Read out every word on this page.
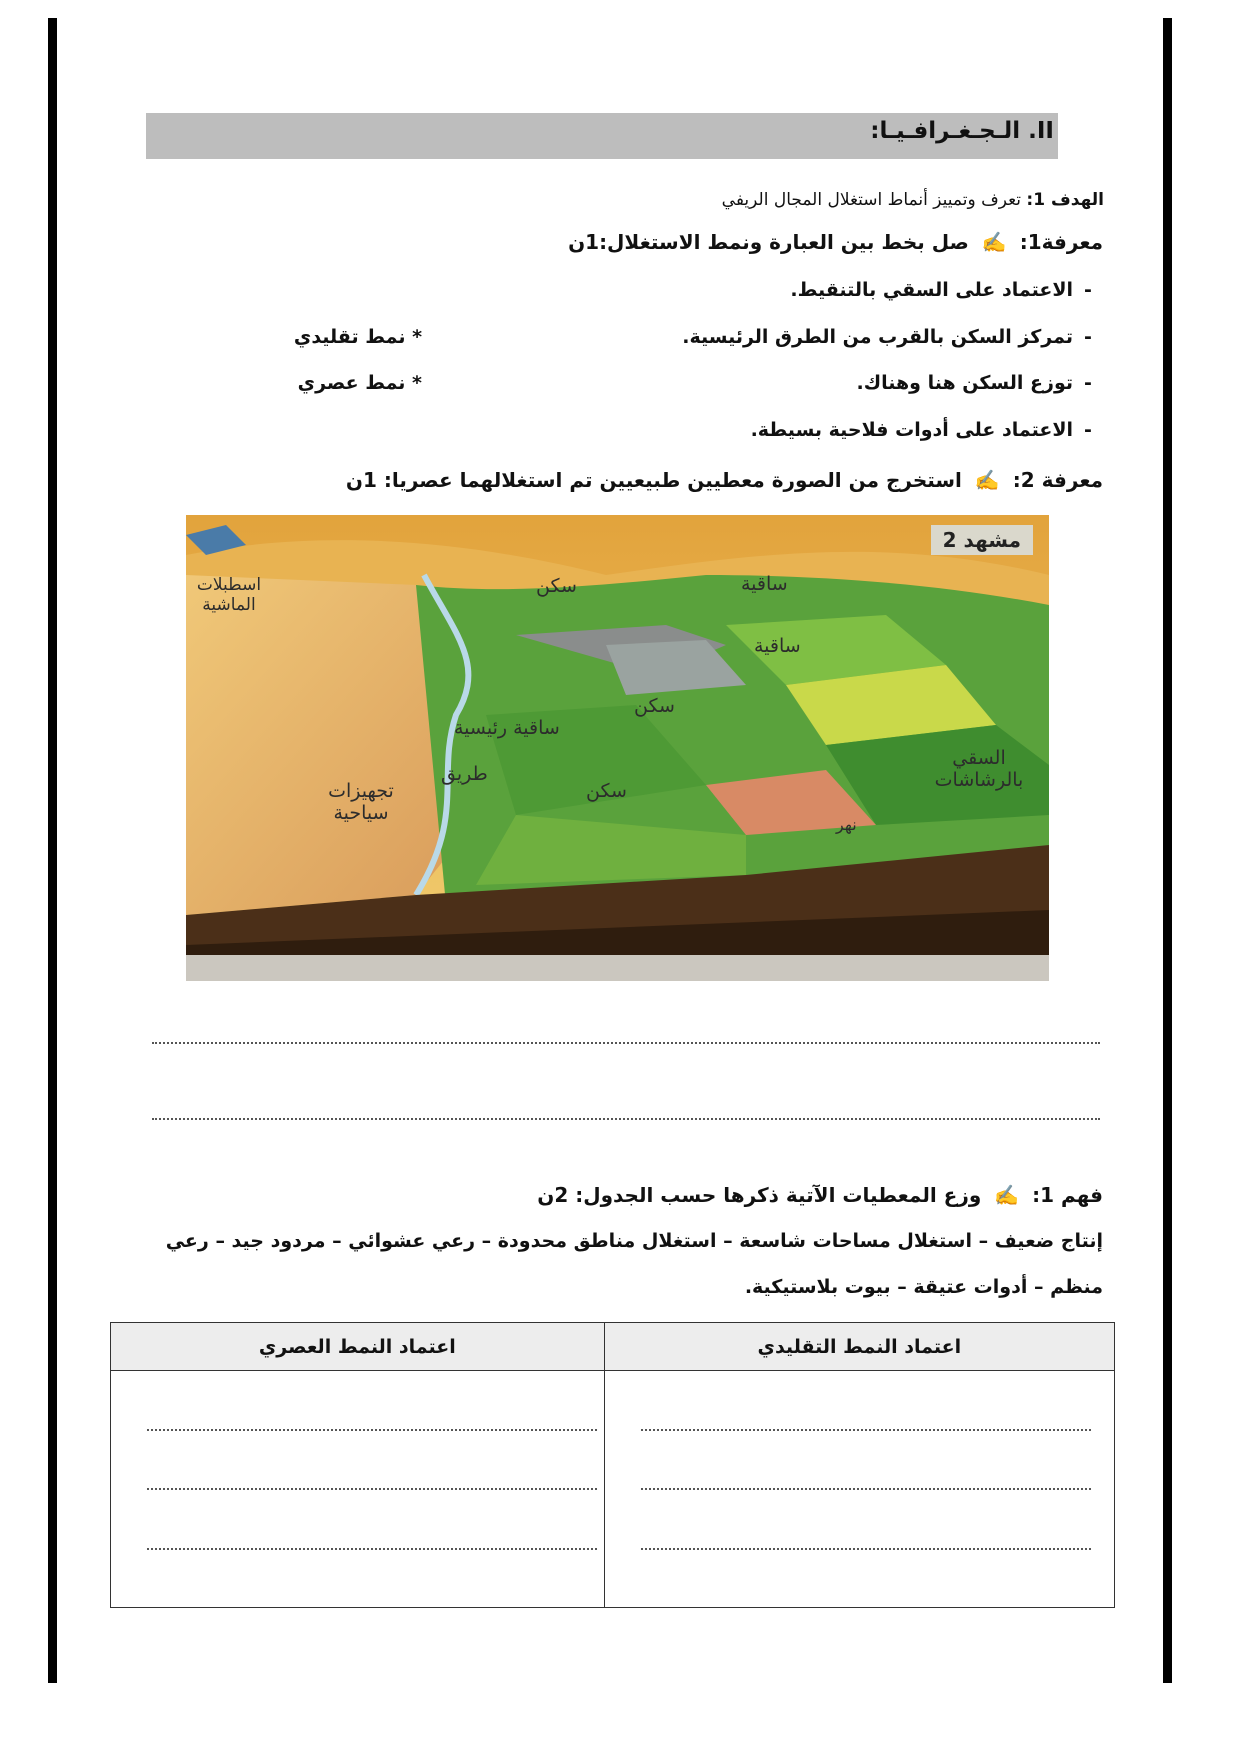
II. الـجـغـرافـيـا:
الهدف 1: تعرف وتمييز أنماط استغلال المجال الريفي
معرفة1: ✍ صل بخط بين العبارة ونمط الاستغلال:1ن
-الاعتماد على السقي بالتنقيط.
-تمركز السكن بالقرب من الطرق الرئيسية.
-توزع السكن هنا وهناك.
-الاعتماد على أدوات فلاحية بسيطة.
* نمط تقليدي
* نمط عصري
معرفة 2: ✍ استخرج من الصورة معطيين طبيعيين تم استغلالهما عصريا: 1ن
مشهد 2
اسطبلات الماشية
سكن	ساقية
ساقية
سكن
ساقية رئيسية
طريق
سكن
تجهيزات سياحية
السقي بالرشاشات
نهر
فهم 1: ✍ وزع المعطيات الآتية ذكرها حسب الجدول: 2ن
إنتاج ضعيف – استغلال مساحات شاسعة – استغلال مناطق محدودة – رعي عشوائي – مردود جيد – رعي
منظم – أدوات عتيقة – بيوت بلاستيكية.
اعتماد النمط العصري	اعتماد النمط التقليدي
